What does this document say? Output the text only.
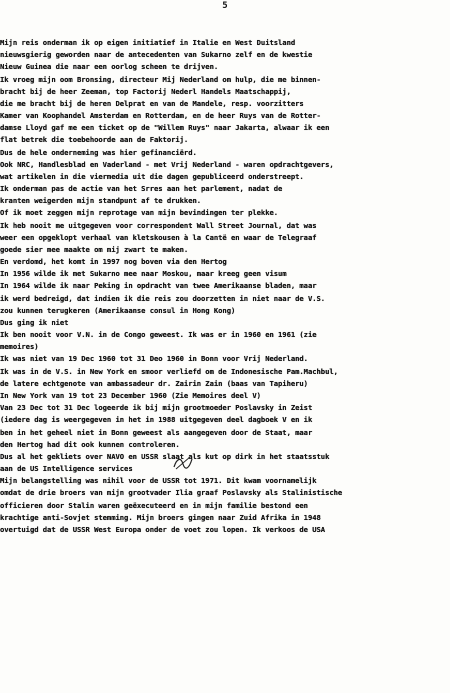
5
Mijn reis onderman ik op eigen initiatief in Italie en West Duitsland
nieuwsgierig geworden naar de antecedenten van Sukarno zelf en de kwestie
Nieuw Guinea die naar een oorlog scheen te drijven.
Ik vroeg mijn oom Bronsing, directeur Mij Nederland om hulp, die me binnen-
bracht bij de heer Zeeman, top Factorij Nederl Handels Maatschappij,
die me bracht bij de heren Delprat en van de Mandele, resp. voorzitters
Kamer van Koophandel Amsterdam en Rotterdam, en de heer Ruys van de Rotter-
damse Lloyd gaf me een ticket op de "Willem Ruys" naar Jakarta, alwaar ik een
flat betrek die toebehoorde aan de Faktorij.
Dus de hele onderneming was hier gefinanciërd.
Ook NRC, Handlesblad en Vaderland - met Vrij Nederland - waren opdrachtgevers,
wat artikelen in die viermedia uit die dagen gepubliceerd onderstreept.
Ik onderman pas de actie van het Srres aan het parlement, nadat de
kranten weigerden mijn standpunt af te drukken.
Of ik moet zeggen mijn reprotage van mijn bevindingen ter plekke.
Ik heb nooit me uitgegeven voor correspondent Wall Street Journal, dat was
weer een opgeklopt verhaal van kletskousen à la Cantë en waar de Telegraaf
goede sier mee maakte om mij zwart te maken.
En verdomd, het komt in 1997 nog boven via den Hertog
In 1956 wilde ik met Sukarno mee naar Moskou, maar kreeg geen visum
In 1964 wilde ik naar Peking in opdracht van twee Amerikaanse bladen, maar
ik werd bedreigd, dat indien ik die reis zou doorzetten in niet naar de V.S.
zou kunnen terugkeren (Amerikaanse consul in Hong Kong)
Dus ging ik niet
Ik ben nooit voor V.N. in de Congo geweest. Ik was er in 1960 en 1961 (zie
memoires)
Ik was niet van 19 Dec 1960 tot 31 Deo 1960 in Bonn voor Vrij Nederland.
Ik was in de V.S. in New York en smoor verliefd om de Indonesische Pam.Machbul,
de latere echtgenote van ambassadeur dr. Zairin Zain (baas van Tapiheru)
In New York van 19 tot 23 December 1960 (Zie Memoires deel V)
Van 23 Dec tot 31 Dec logeerde ik bij mijn grootmoeder Poslavsky in Zeist
(iedere dag is weergegeven in het in 1988 uitgegeven deel dagboek V en ik
ben in het geheel niet in Bonn geweest als aangegeven door de Staat, maar
den Hertog had dit ook kunnen controleren.
Dus al het gekliets over NAVO en USSR slaat als kut op dirk in het staatsstuk
aan de US Intelligence services
Mijn belangstelling was nihil voor de USSR tot 1971. Dit kwam voornamelijk
omdat de drie broers van mijn grootvader Ilia graaf Poslavsky als Stalinistische
officieren door Stalin waren geëxecuteerd en in mijn familie bestond een
krachtige anti-Sovjet stemming. Mijn broers gingen naar Zuid Afrika in 1948
overtuigd dat de USSR West Europa onder de voet zou lopen. Ik verkoos de USA
